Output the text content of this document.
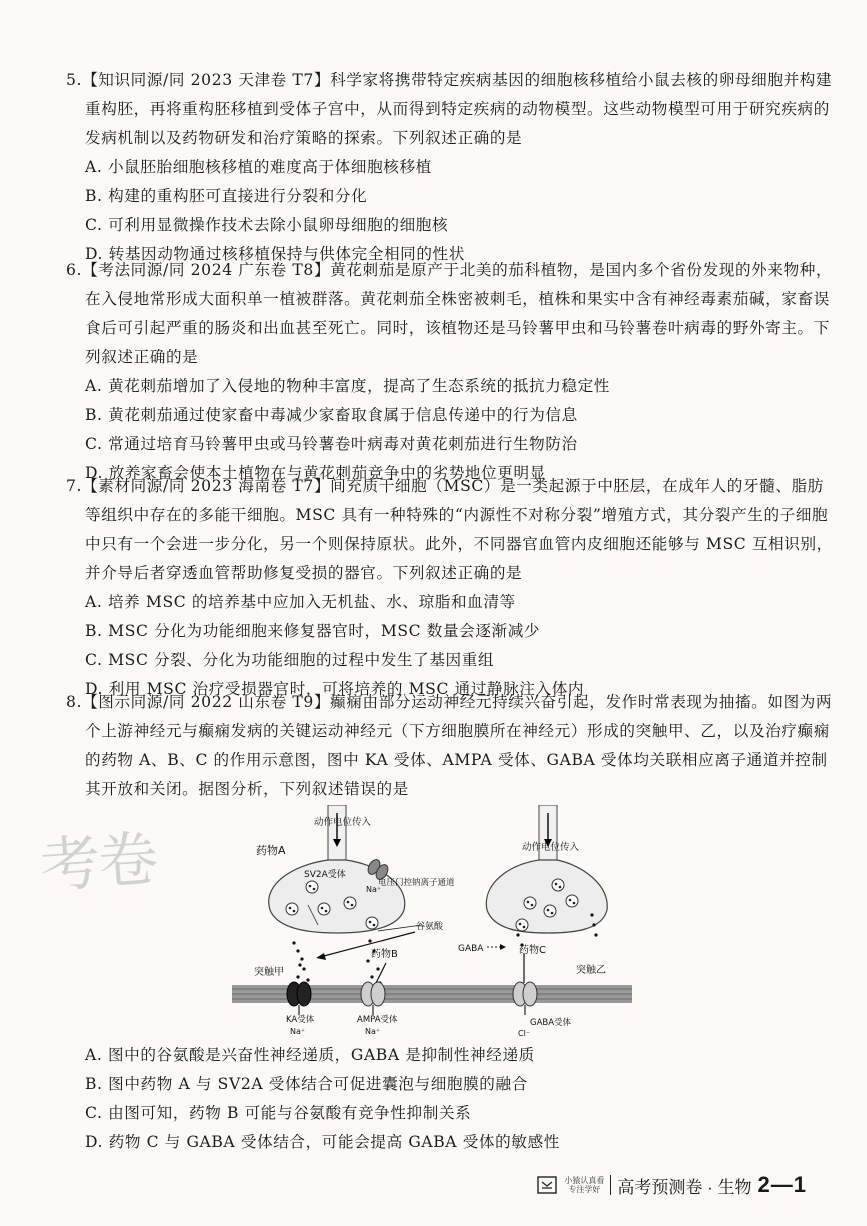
考卷

5.【知识同源/同 2023 天津卷 T7】科学家将携带特定疾病基因的细胞核移植给小鼠去核的卵母细胞并构建重构胚，再将重构胚移植到受体子宫中，从而得到特定疾病的动物模型。这些动物模型可用于研究疾病的发病机制以及药物研发和治疗策略的探索。下列叙述正确的是

A. 小鼠胚胎细胞核移植的难度高于体细胞核移植

B. 构建的重构胚可直接进行分裂和分化

C. 可利用显微操作技术去除小鼠卵母细胞的细胞核

D. 转基因动物通过核移植保持与供体完全相同的性状

6.【考法同源/同 2024 广东卷 T8】黄花刺茄是原产于北美的茄科植物，是国内多个省份发现的外来物种，在入侵地常形成大面积单一植被群落。黄花刺茄全株密被刺毛，植株和果实中含有神经毒素茄碱，家畜误食后可引起严重的肠炎和出血甚至死亡。同时，该植物还是马铃薯甲虫和马铃薯卷叶病毒的野外寄主。下列叙述正确的是

A. 黄花刺茄增加了入侵地的物种丰富度，提高了生态系统的抵抗力稳定性

B. 黄花刺茄通过使家畜中毒减少家畜取食属于信息传递中的行为信息

C. 常通过培育马铃薯甲虫或马铃薯卷叶病毒对黄花刺茄进行生物防治

D. 放养家畜会使本土植物在与黄花刺茄竞争中的劣势地位更明显

7.【素材同源/同 2023 海南卷 T7】间充质干细胞（MSC）是一类起源于中胚层，在成年人的牙髓、脂肪等组织中存在的多能干细胞。MSC 具有一种特殊的“内源性不对称分裂”增殖方式，其分裂产生的子细胞中只有一个会进一步分化，另一个则保持原状。此外，不同器官血管内皮细胞还能够与 MSC 互相识别，并介导后者穿透血管帮助修复受损的器官。下列叙述正确的是

A. 培养 MSC 的培养基中应加入无机盐、水、琼脂和血清等

B. MSC 分化为功能细胞来修复器官时，MSC 数量会逐渐减少

C. MSC 分裂、分化为功能细胞的过程中发生了基因重组

D. 利用 MSC 治疗受损器官时，可将培养的 MSC 通过静脉注入体内

8.【图示同源/同 2022 山东卷 T9】癫痫由部分运动神经元持续兴奋引起，发作时常表现为抽搐。如图为两个上游神经元与癫痫发病的关键运动神经元（下方细胞膜所在神经元）形成的突触甲、乙，以及治疗癫痫的药物 A、B、C 的作用示意图，图中 KA 受体、AMPA 受体、GABA 受体均关联相应离子通道并控制其开放和关闭。据图分析，下列叙述错误的是

动作电位传入
动作电位传入
药物A
SV2A受体
Na⁺
电压门控钠离子通道
谷氨酸
药物B	GABA	药物C
突触甲	突触乙
KA受体
Na⁺
AMPA受体
Na⁺
GABA受体
Cl⁻

A. 图中的谷氨酸是兴奋性神经递质，GABA 是抑制性神经递质

B. 图中药物 A 与 SV2A 受体结合可促进囊泡与细胞膜的融合

C. 由图可知，药物 B 可能与谷氨酸有竞争性抑制关系

D. 药物 C 与 GABA 受体结合，可能会提高 GABA 受体的敏感性

小猿认真看
专注学好 高考预测卷 · 生物 2—1
